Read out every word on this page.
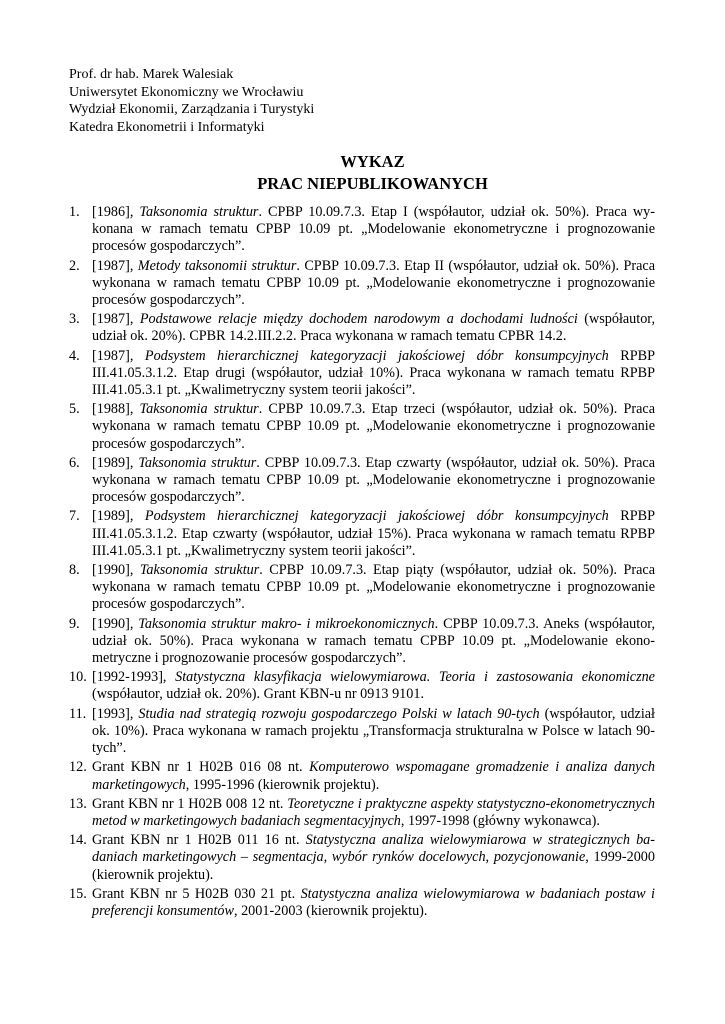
Prof. dr hab. Marek Walesiak
Uniwersytet Ekonomiczny we Wrocławiu
Wydział Ekonomii, Zarządzania i Turystyki
Katedra Ekonometrii i Informatyki
WYKAZ
PRAC NIEPUBLIKOWANYCH
1. [1986], Taksonomia struktur. CPBP 10.09.7.3. Etap I (współautor, udział ok. 50%). Praca wykonana w ramach tematu CPBP 10.09 pt. „Modelowanie ekonometryczne i prognozowanie procesów gospodarczych”.
2. [1987], Metody taksonomii struktur. CPBP 10.09.7.3. Etap II (współautor, udział ok. 50%). Praca wykonana w ramach tematu CPBP 10.09 pt. „Modelowanie ekonometryczne i prognozowanie procesów gospodarczych”.
3. [1987], Podstawowe relacje między dochodem narodowym a dochodami ludności (współautor, udział ok. 20%). CPBR 14.2.III.2.2. Praca wykonana w ramach tematu CPBR 14.2.
4. [1987], Podsystem hierarchicznej kategoryzacji jakościowej dóbr konsumpcyjnych RPBP III.41.05.3.1.2. Etap drugi (współautor, udział 10%). Praca wykonana w ramach tematu RPBP III.41.05.3.1 pt. „Kwalimetryczny system teorii jakości”.
5. [1988], Taksonomia struktur. CPBP 10.09.7.3. Etap trzeci (współautor, udział ok. 50%). Praca wykonana w ramach tematu CPBP 10.09 pt. „Modelowanie ekonometryczne i prognozowanie procesów gospodarczych”.
6. [1989], Taksonomia struktur. CPBP 10.09.7.3. Etap czwarty (współautor, udział ok. 50%). Praca wykonana w ramach tematu CPBP 10.09 pt. „Modelowanie ekonometryczne i prognozowanie procesów gospodarczych”.
7. [1989], Podsystem hierarchicznej kategoryzacji jakościowej dóbr konsumpcyjnych RPBP III.41.05.3.1.2. Etap czwarty (współautor, udział 15%). Praca wykonana w ramach tematu RPBP III.41.05.3.1 pt. „Kwalimetryczny system teorii jakości”.
8. [1990], Taksonomia struktur. CPBP 10.09.7.3. Etap piąty (współautor, udział ok. 50%). Praca wykonana w ramach tematu CPBP 10.09 pt. „Modelowanie ekonometryczne i prognozowanie procesów gospodarczych”.
9. [1990], Taksonomia struktur makro- i mikroekonomicznych. CPBP 10.09.7.3. Aneks (współautor, udział ok. 50%). Praca wykonana w ramach tematu CPBP 10.09 pt. „Modelowanie ekonometryczne i prognozowanie procesów gospodarczych”.
10. [1992-1993], Statystyczna klasyfikacja wielowymiarowa. Teoria i zastosowania ekonomiczne (współautor, udział ok. 20%). Grant KBN-u nr 0913 9101.
11. [1993], Studia nad strategią rozwoju gospodarczego Polski w latach 90-tych (współautor, udział ok. 10%). Praca wykonana w ramach projektu „Transformacja strukturalna w Polsce w latach 90-tych”.
12. Grant KBN nr 1 H02B 016 08 nt. Komputerowo wspomagane gromadzenie i analiza danych marketingowych, 1995-1996 (kierownik projektu).
13. Grant KBN nr 1 H02B 008 12 nt. Teoretyczne i praktyczne aspekty statystyczno-ekonometrycznych metod w marketingowych badaniach segmentacyjnych, 1997-1998 (główny wykonawca).
14. Grant KBN nr 1 H02B 011 16 nt. Statystyczna analiza wielowymiarowa w strategicznych badaniach marketingowych – segmentacja, wybór rynków docelowych, pozycjonowanie, 1999-2000 (kierownik projektu).
15. Grant KBN nr 5 H02B 030 21 pt. Statystyczna analiza wielowymiarowa w badaniach postaw i preferencji konsumentów, 2001-2003 (kierownik projektu).
